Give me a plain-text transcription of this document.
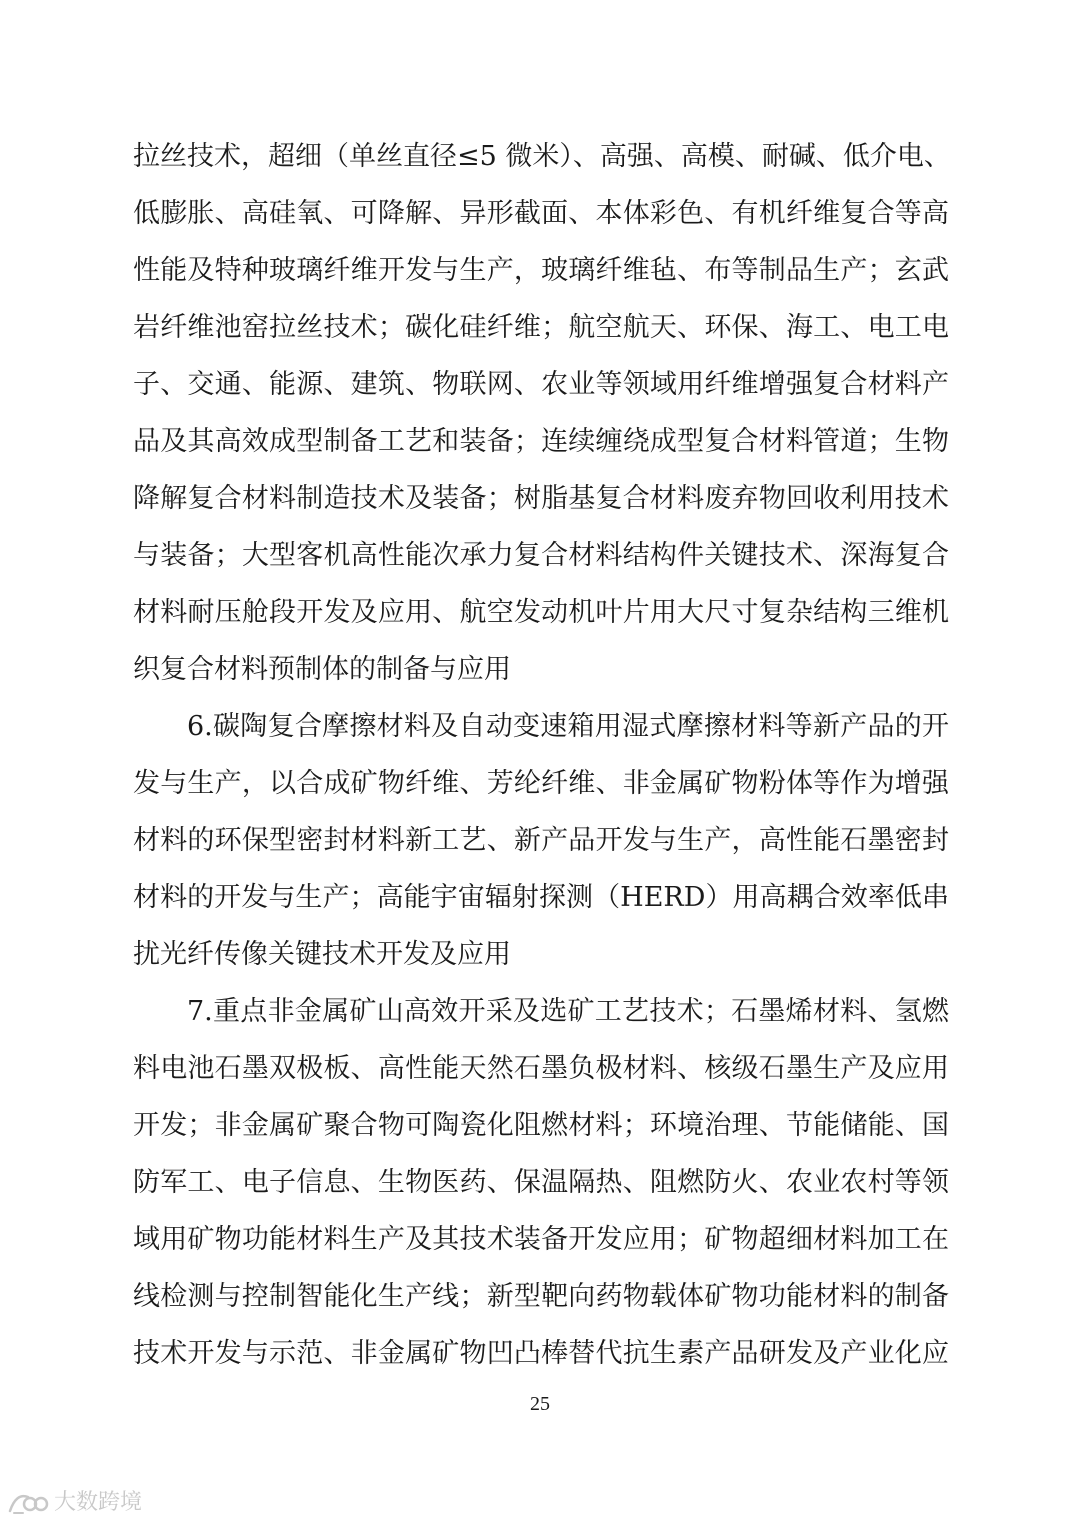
拉丝技术，超细（单丝直径≤5 微米）、高强、高模、耐碱、低介电、
低膨胀、高硅氧、可降解、异形截面、本体彩色、有机纤维复合等高
性能及特种玻璃纤维开发与生产，玻璃纤维毡、布等制品生产；玄武
岩纤维池窑拉丝技术；碳化硅纤维；航空航天、环保、海工、电工电
子、交通、能源、建筑、物联网、农业等领域用纤维增强复合材料产
品及其高效成型制备工艺和装备；连续缠绕成型复合材料管道；生物
降解复合材料制造技术及装备；树脂基复合材料废弃物回收利用技术
与装备；大型客机高性能次承力复合材料结构件关键技术、深海复合
材料耐压舱段开发及应用、航空发动机叶片用大尺寸复杂结构三维机
织复合材料预制体的制备与应用
6.碳陶复合摩擦材料及自动变速箱用湿式摩擦材料等新产品的开
发与生产，以合成矿物纤维、芳纶纤维、非金属矿物粉体等作为增强
材料的环保型密封材料新工艺、新产品开发与生产，高性能石墨密封
材料的开发与生产；高能宇宙辐射探测（HERD）用高耦合效率低串
扰光纤传像关键技术开发及应用
7.重点非金属矿山高效开采及选矿工艺技术；石墨烯材料、氢燃
料电池石墨双极板、高性能天然石墨负极材料、核级石墨生产及应用
开发；非金属矿聚合物可陶瓷化阻燃材料；环境治理、节能储能、国
防军工、电子信息、生物医药、保温隔热、阻燃防火、农业农村等领
域用矿物功能材料生产及其技术装备开发应用；矿物超细材料加工在
线检测与控制智能化生产线；新型靶向药物载体矿物功能材料的制备
技术开发与示范、非金属矿物凹凸棒替代抗生素产品研发及产业化应
25
大数跨境
